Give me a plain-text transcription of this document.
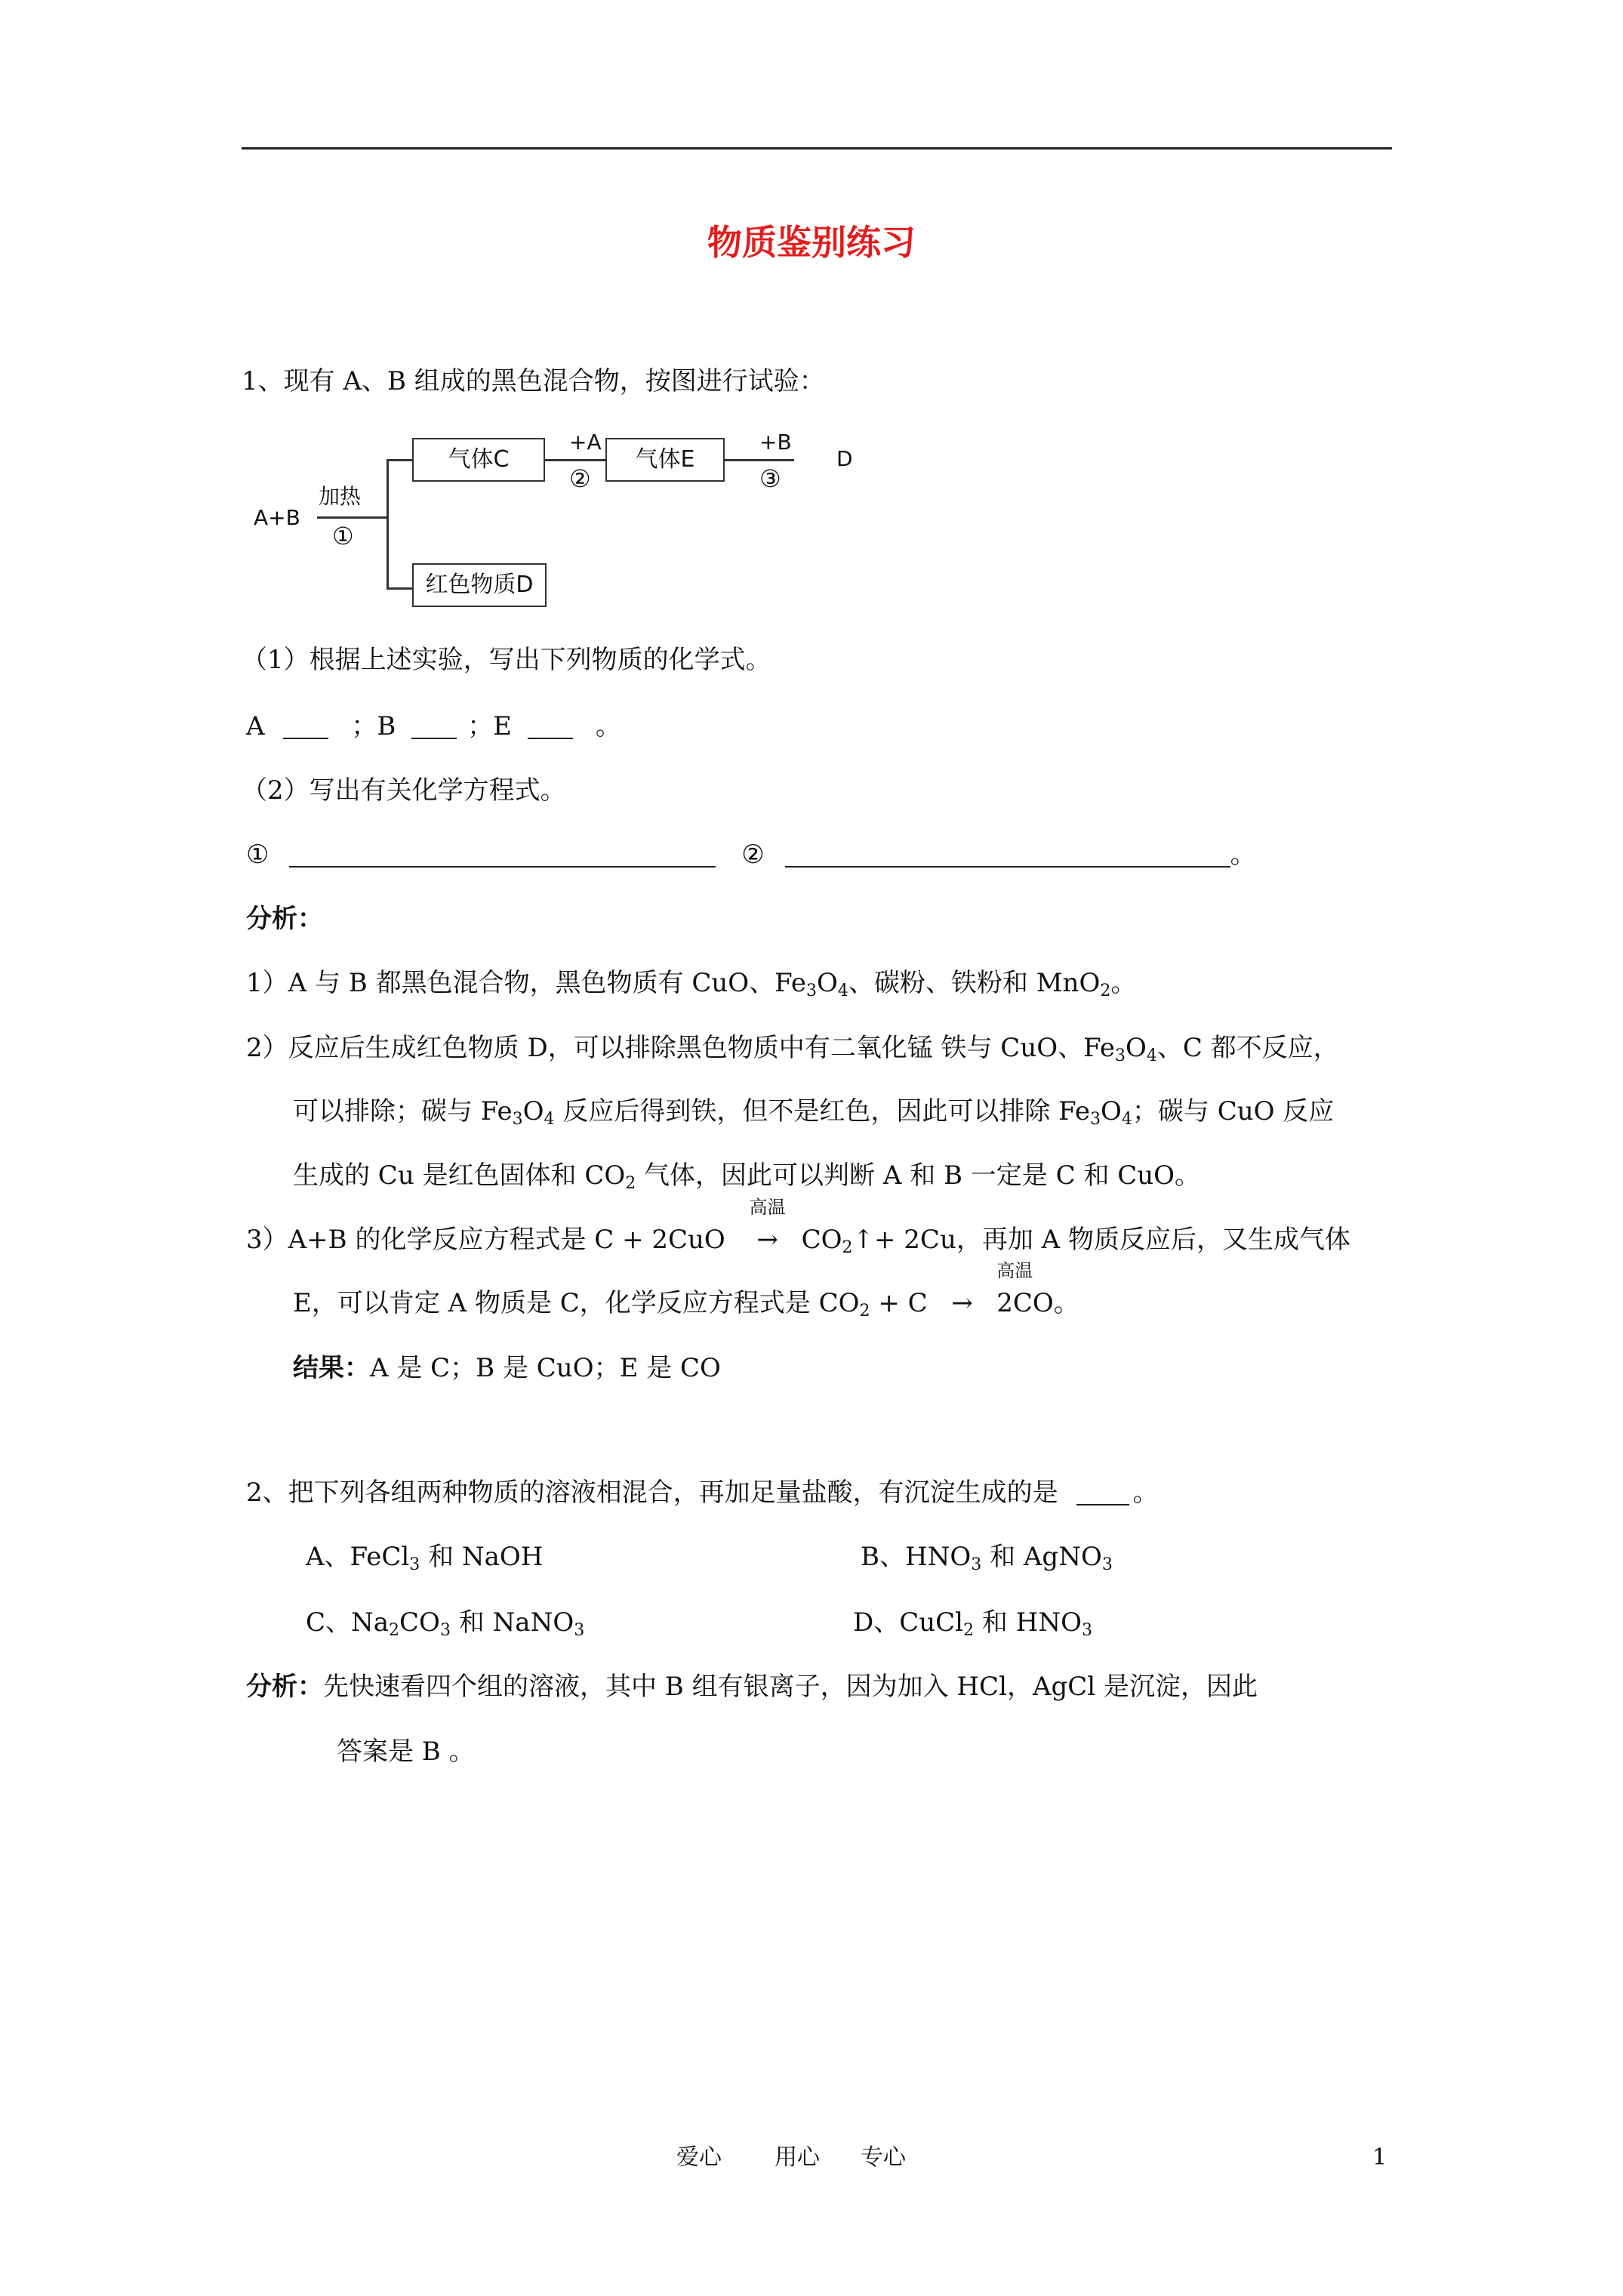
物质鉴别练习
1、现有 A、B 组成的黑色混合物，按图进行试验：
A+B
加热
①
气体C
+A
②
气体E
+B
③
D
红色物质D
（1）根据上述实验，写出下列物质的化学式。
A	；B	；E	。
（2）写出有关化学方程式。
①	②	。
分析：
1）A 与 B 都黑色混合物，黑色物质有 CuO、$Fe_3O_4$、碳粉、铁粉和 MnO$_2$。
2）反应后生成红色物质 D，可以排除黑色物质中有二氧化锰 铁与 CuO、$Fe_3O_4$、C 都不反应，
可以排除；碳与 $Fe_3O_4$ 反应后得到铁，但不是红色，因此可以排除 $Fe_3O_4$；碳与 CuO 反应
生成的 Cu 是红色固体和 $CO_2$ 气体，因此可以判断 A 和 B 一定是 C 和 CuO。
3）A+B 的化学反应方程式是 C + 2CuO
高温
→ $CO_2↑+ 2Cu$，再加 A 物质反应后，又生成气体
E，可以肯定 A 物质是 C，化学反应方程式是 $CO_2 + C$ →
高温
2CO。
结果：A 是 C；B 是 CuO；E 是 CO
2、把下列各组两种物质的溶液相混合，再加足量盐酸，有沉淀生成的是	。
A、FeCl$_3$ 和 NaOH	B、$HNO_3$ 和 AgNO$_3$
C、$Na_2CO_3$ 和 NaNO$_3$	D、CuCl$_2$ 和 $HNO_3$
分析：先快速看四个组的溶液，其中 B 组有银离子，因为加入 HCl，AgCl 是沉淀，因此
答案是 B 。
爱心 用心 专心	1
